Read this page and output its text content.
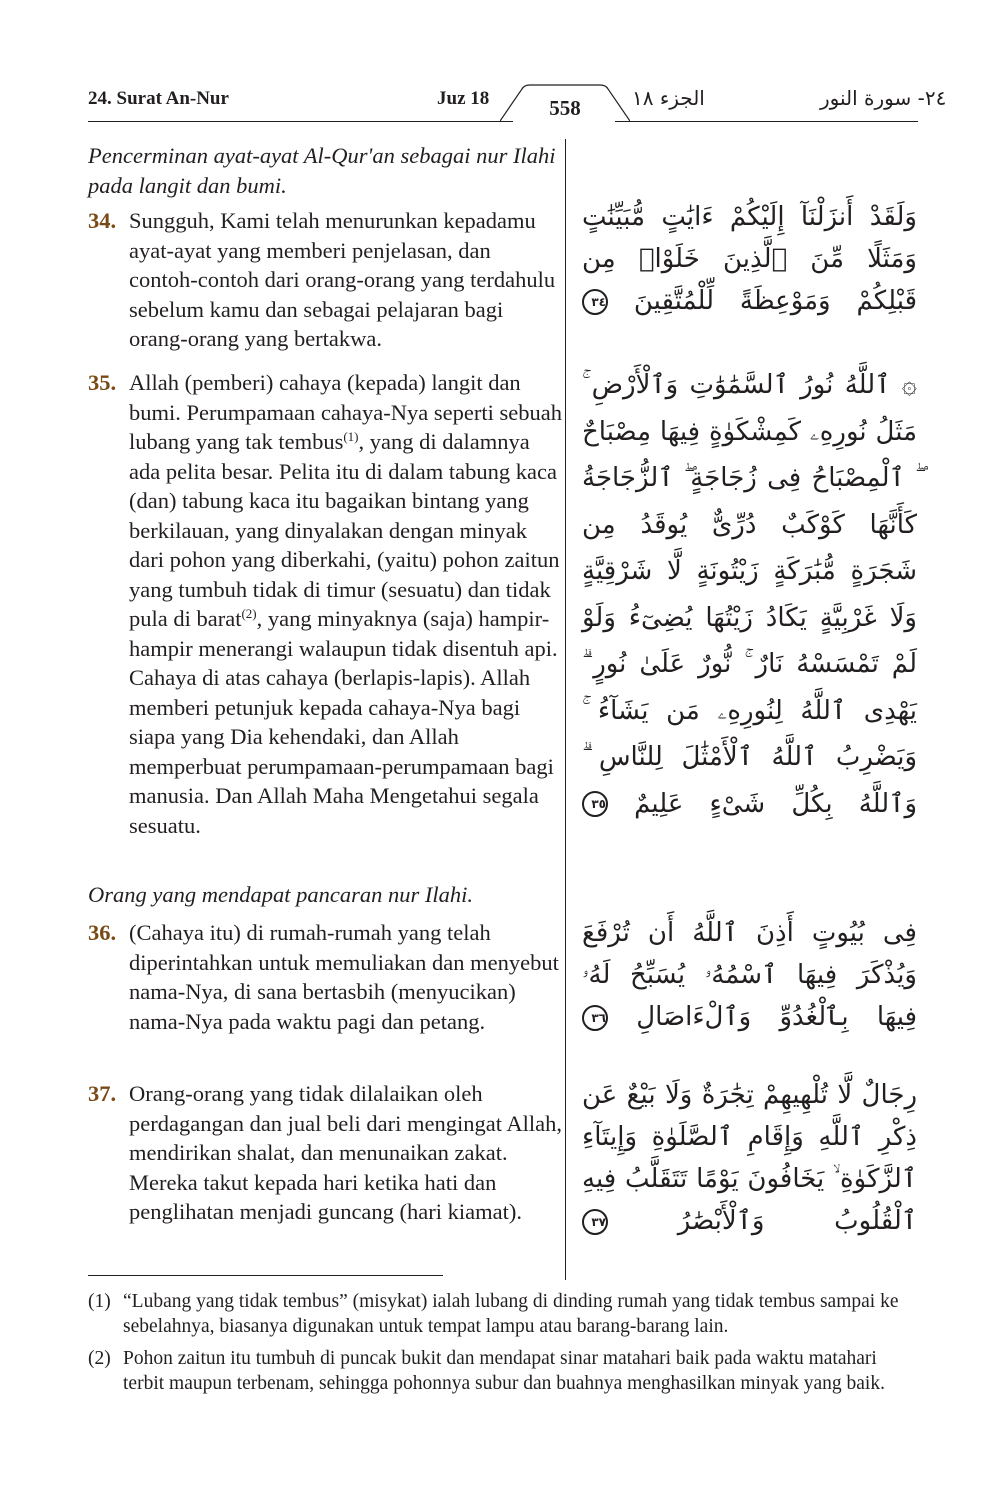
24. Surat An-Nur	Juz 18	558	الجزء ١٨	٢٤- سورة النور
Pencerminan ayat-ayat Al-Qur'an sebagai nur Ilahi pada langit dan bumi.
34. Sungguh, Kami telah menurunkan kepadamu ayat-ayat yang memberi penjelasan, dan contoh-contoh dari orang-orang yang terdahulu sebelum kamu dan sebagai pelajaran bagi orang-orang yang bertakwa.
وَلَقَدْ أَنزَلْنَآ إِلَيْكُمْ ءَايَٰتٍ مُّبَيِّنَٰتٍ وَمَثَلًا مِّنَ ٱلَّذِينَ خَلَوْا۟ مِن قَبْلِكُمْ وَمَوْعِظَةً لِّلْمُتَّقِينَ ٣٤
35. Allah (pemberi) cahaya (kepada) langit dan bumi. Perumpamaan cahaya-Nya seperti sebuah lubang yang tak tembus$^{(1)}$, yang di dalamnya ada pelita besar. Pelita itu di dalam tabung kaca (dan) tabung kaca itu bagaikan bintang yang berkilauan, yang dinyalakan dengan minyak dari pohon yang diberkahi, (yaitu) pohon zaitun yang tumbuh tidak di timur (sesuatu) dan tidak pula di barat$^{(2)}$, yang minyaknya (saja) hampir-hampir menerangi walaupun tidak disentuh api. Cahaya di atas cahaya (berlapis-lapis). Allah memberi petunjuk kepada cahaya-Nya bagi siapa yang Dia kehendaki, dan Allah memperbuat perumpamaan-perumpamaan bagi manusia. Dan Allah Maha Mengetahui segala sesuatu.
۞ ٱللَّهُ نُورُ ٱلسَّمَٰوَٰتِ وَٱلْأَرْضِ ۚ مَثَلُ نُورِهِۦ كَمِشْكَوٰةٍ فِيهَا مِصْبَاحٌ ۖ ٱلْمِصْبَاحُ فِى زُجَاجَةٍ ۖ ٱلزُّجَاجَةُ كَأَنَّهَا كَوْكَبٌ دُرِّىٌّ يُوقَدُ مِن شَجَرَةٍ مُّبَٰرَكَةٍ زَيْتُونَةٍ لَّا شَرْقِيَّةٍ وَلَا غَرْبِيَّةٍ يَكَادُ زَيْتُهَا يُضِىٓءُ وَلَوْ لَمْ تَمْسَسْهُ نَارٌ ۚ نُّورٌ عَلَىٰ نُورٍ ۗ يَهْدِى ٱللَّهُ لِنُورِهِۦ مَن يَشَآءُ ۚ وَيَضْرِبُ ٱللَّهُ ٱلْأَمْثَٰلَ لِلنَّاسِ ۗ وَٱللَّهُ بِكُلِّ شَىْءٍ عَلِيمٌ ٣٥
Orang yang mendapat pancaran nur Ilahi.
36. (Cahaya itu) di rumah-rumah yang telah diperintahkan untuk memuliakan dan menyebut nama-Nya, di sana bertasbih (menyucikan) nama-Nya pada waktu pagi dan petang.
فِى بُيُوتٍ أَذِنَ ٱللَّهُ أَن تُرْفَعَ وَيُذْكَرَ فِيهَا ٱسْمُهُۥ يُسَبِّحُ لَهُۥ فِيهَا بِٱلْغُدُوِّ وَٱلْءَاصَالِ ٣٦
37. Orang-orang yang tidak dilalaikan oleh perdagangan dan jual beli dari mengingat Allah, mendirikan shalat, dan menunaikan zakat. Mereka takut kepada hari ketika hati dan penglihatan menjadi guncang (hari kiamat).
رِجَالٌ لَّا تُلْهِيهِمْ تِجَٰرَةٌ وَلَا بَيْعٌ عَن ذِكْرِ ٱللَّهِ وَإِقَامِ ٱلصَّلَوٰةِ وَإِيتَآءِ ٱلزَّكَوٰةِ ۙ يَخَافُونَ يَوْمًا تَتَقَلَّبُ فِيهِ ٱلْقُلُوبُ وَٱلْأَبْصَٰرُ ٣٧
(1) “Lubang yang tidak tembus” (misykat) ialah lubang di dinding rumah yang tidak tembus sampai ke sebelahnya, biasanya digunakan untuk tempat lampu atau barang-barang lain.
(2) Pohon zaitun itu tumbuh di puncak bukit dan mendapat sinar matahari baik pada waktu matahari terbit maupun terbenam, sehingga pohonnya subur dan buahnya menghasilkan minyak yang baik.
